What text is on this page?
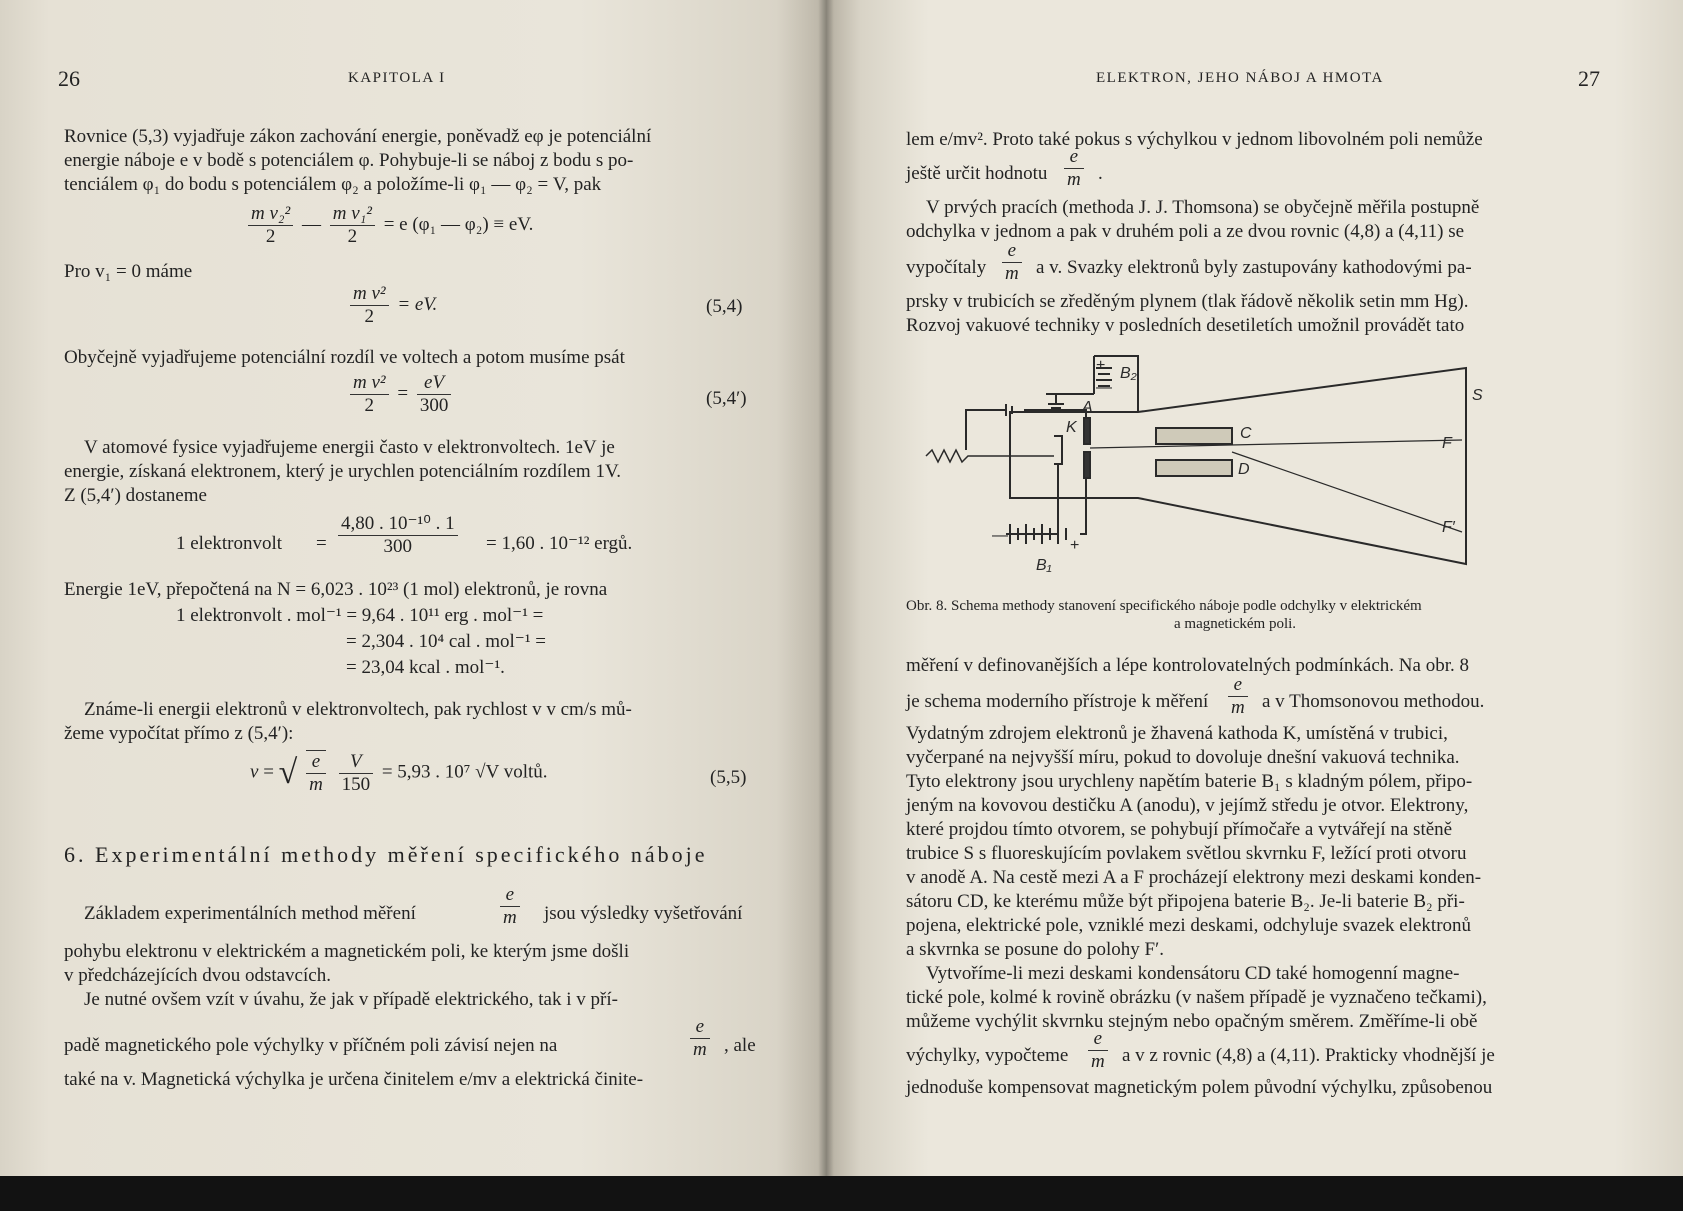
26	KAPITOLA I
Rovnice (5,3) vyjadřuje zákon zachování energie, poněvadž eφ je potenciální
energie náboje e v bodě s potenciálem φ. Pohybuje-li se náboj z bodu s po-
tenciálem φ₁ do bodu s potenciálem φ₂ a položíme-li φ₁ — φ₂ = V, pak
$\frac{\text{m v₂²}}{2}$ — $\frac{\text{m v₁²}}{2} = e$ (φ₁ — φ₂) ≡ eV.
Pro v₁ = 0 máme
$\frac{\text{m v²}}{2}$ = eV.	(5,4)
Obyčejně vyjadřujeme potenciální rozdíl ve voltech a potom musíme psát
$\frac{\text{m v²}}{2} = \frac{eV}{300}$	(5,4′)
V atomové fysice vyjadřujeme energii často v elektronvoltech. 1eV je
energie, získaná elektronem, který je urychlen potenciálním rozdílem 1V.
Z (5,4′) dostaneme
1 elektronvolt = $\frac{\text{4,80 . 10⁻¹⁰ . 1}}{300} = 1,60$ . 10⁻¹² ergů.
Energie 1eV, přepočtená na N = 6,023 . 10²³ (1 mol) elektronů, je rovna
1 elektronvolt . mol⁻¹ = 9,64 . 10¹¹ erg . mol⁻¹ =
= 2,304 . 10⁴ cal . mol⁻¹ =
= 23,04 kcal . mol⁻¹.
Známe-li energii elektronů v elektronvoltech, pak rychlost v v cm/s mů-
žeme vypočítat přímo z (5,4′):
v = √ $\frac{e}{m}$
$\frac{V}{150} = 5,93$ . 10⁷ √V voltů.	(5,5)
6. Experimentální methody měření specifického náboje
Základem experimentálních method měření	$\frac{e}{m}$ jsou výsledky vyšetřování
pohybu elektronu v elektrickém a magnetickém poli, ke kterým jsme došli
v předcházejících dvou odstavcích.
Je nutné ovšem vzít v úvahu, že jak v případě elektrického, tak i v pří-
padě magnetického pole výchylky v příčném poli závisí nejen na	$\frac{e}{m}$ , ale
také na v. Magnetická výchylka je určena činitelem e/mv a elektrická činite-
ELEKTRON, JEHO NÁBOJ A HMOTA	27
lem e/mv². Proto také pokus s výchylkou v jednom libovolném poli nemůže
ještě určit hodnotu $\frac{e}{m}$ .
V prvých pracích (methoda J. J. Thomsona) se obyčejně měřila postupně
odchylka v jednom a pak v druhém poli a ze dvou rovnic (4,8) a (4,11) se
vypočítaly $\frac{e}{m}$ a v. Svazky elektronů byly zastupovány kathodovými pa-
prsky v trubicích se zředěným plynem (tlak řádově několik setin mm Hg).
Rozvoj vakuové techniky v posledních desetiletích umožnil provádět tato
B₂
+
—
A
K	C
D
S
F
F′
B₁
—
+
Obr. 8. Schema methody stanovení specifického náboje podle odchylky v elektrickém
a magnetickém poli.
měření v definovanějších a lépe kontrolovatelných podmínkách. Na obr. 8
je schema moderního přístroje k měření $\frac{e}{m}$ a v Thomsonovou methodou.
Vydatným zdrojem elektronů je žhavená kathoda K, umístěná v trubici,
vyčerpané na nejvyšší míru, pokud to dovoluje dnešní vakuová technika.
Tyto elektrony jsou urychleny napětím baterie B₁ s kladným pólem, připo-
jeným na kovovou destičku A (anodu), v jejímž středu je otvor. Elektrony,
které projdou tímto otvorem, se pohybují přímočaře a vytvářejí na stěně
trubice S s fluoreskujícím povlakem světlou skvrnku F, ležící proti otvoru
v anodě A. Na cestě mezi A a F procházejí elektrony mezi deskami konden-
sátoru CD, ke kterému může být připojena baterie B₂. Je-li baterie B₂ při-
pojena, elektrické pole, vzniklé mezi deskami, odchyluje svazek elektronů
a skvrnka se posune do polohy F′.
Vytvoříme-li mezi deskami kondensátoru CD také homogenní magne-
tické pole, kolmé k rovině obrázku (v našem případě je vyznačeno tečkami),
můžeme vychýlit skvrnku stejným nebo opačným směrem. Změříme-li obě
výchylky, vypočteme $\frac{e}{m}$ a v z rovnic (4,8) a (4,11). Prakticky vhodnější je
jednoduše kompensovat magnetickým polem původní výchylku, způsobenou
